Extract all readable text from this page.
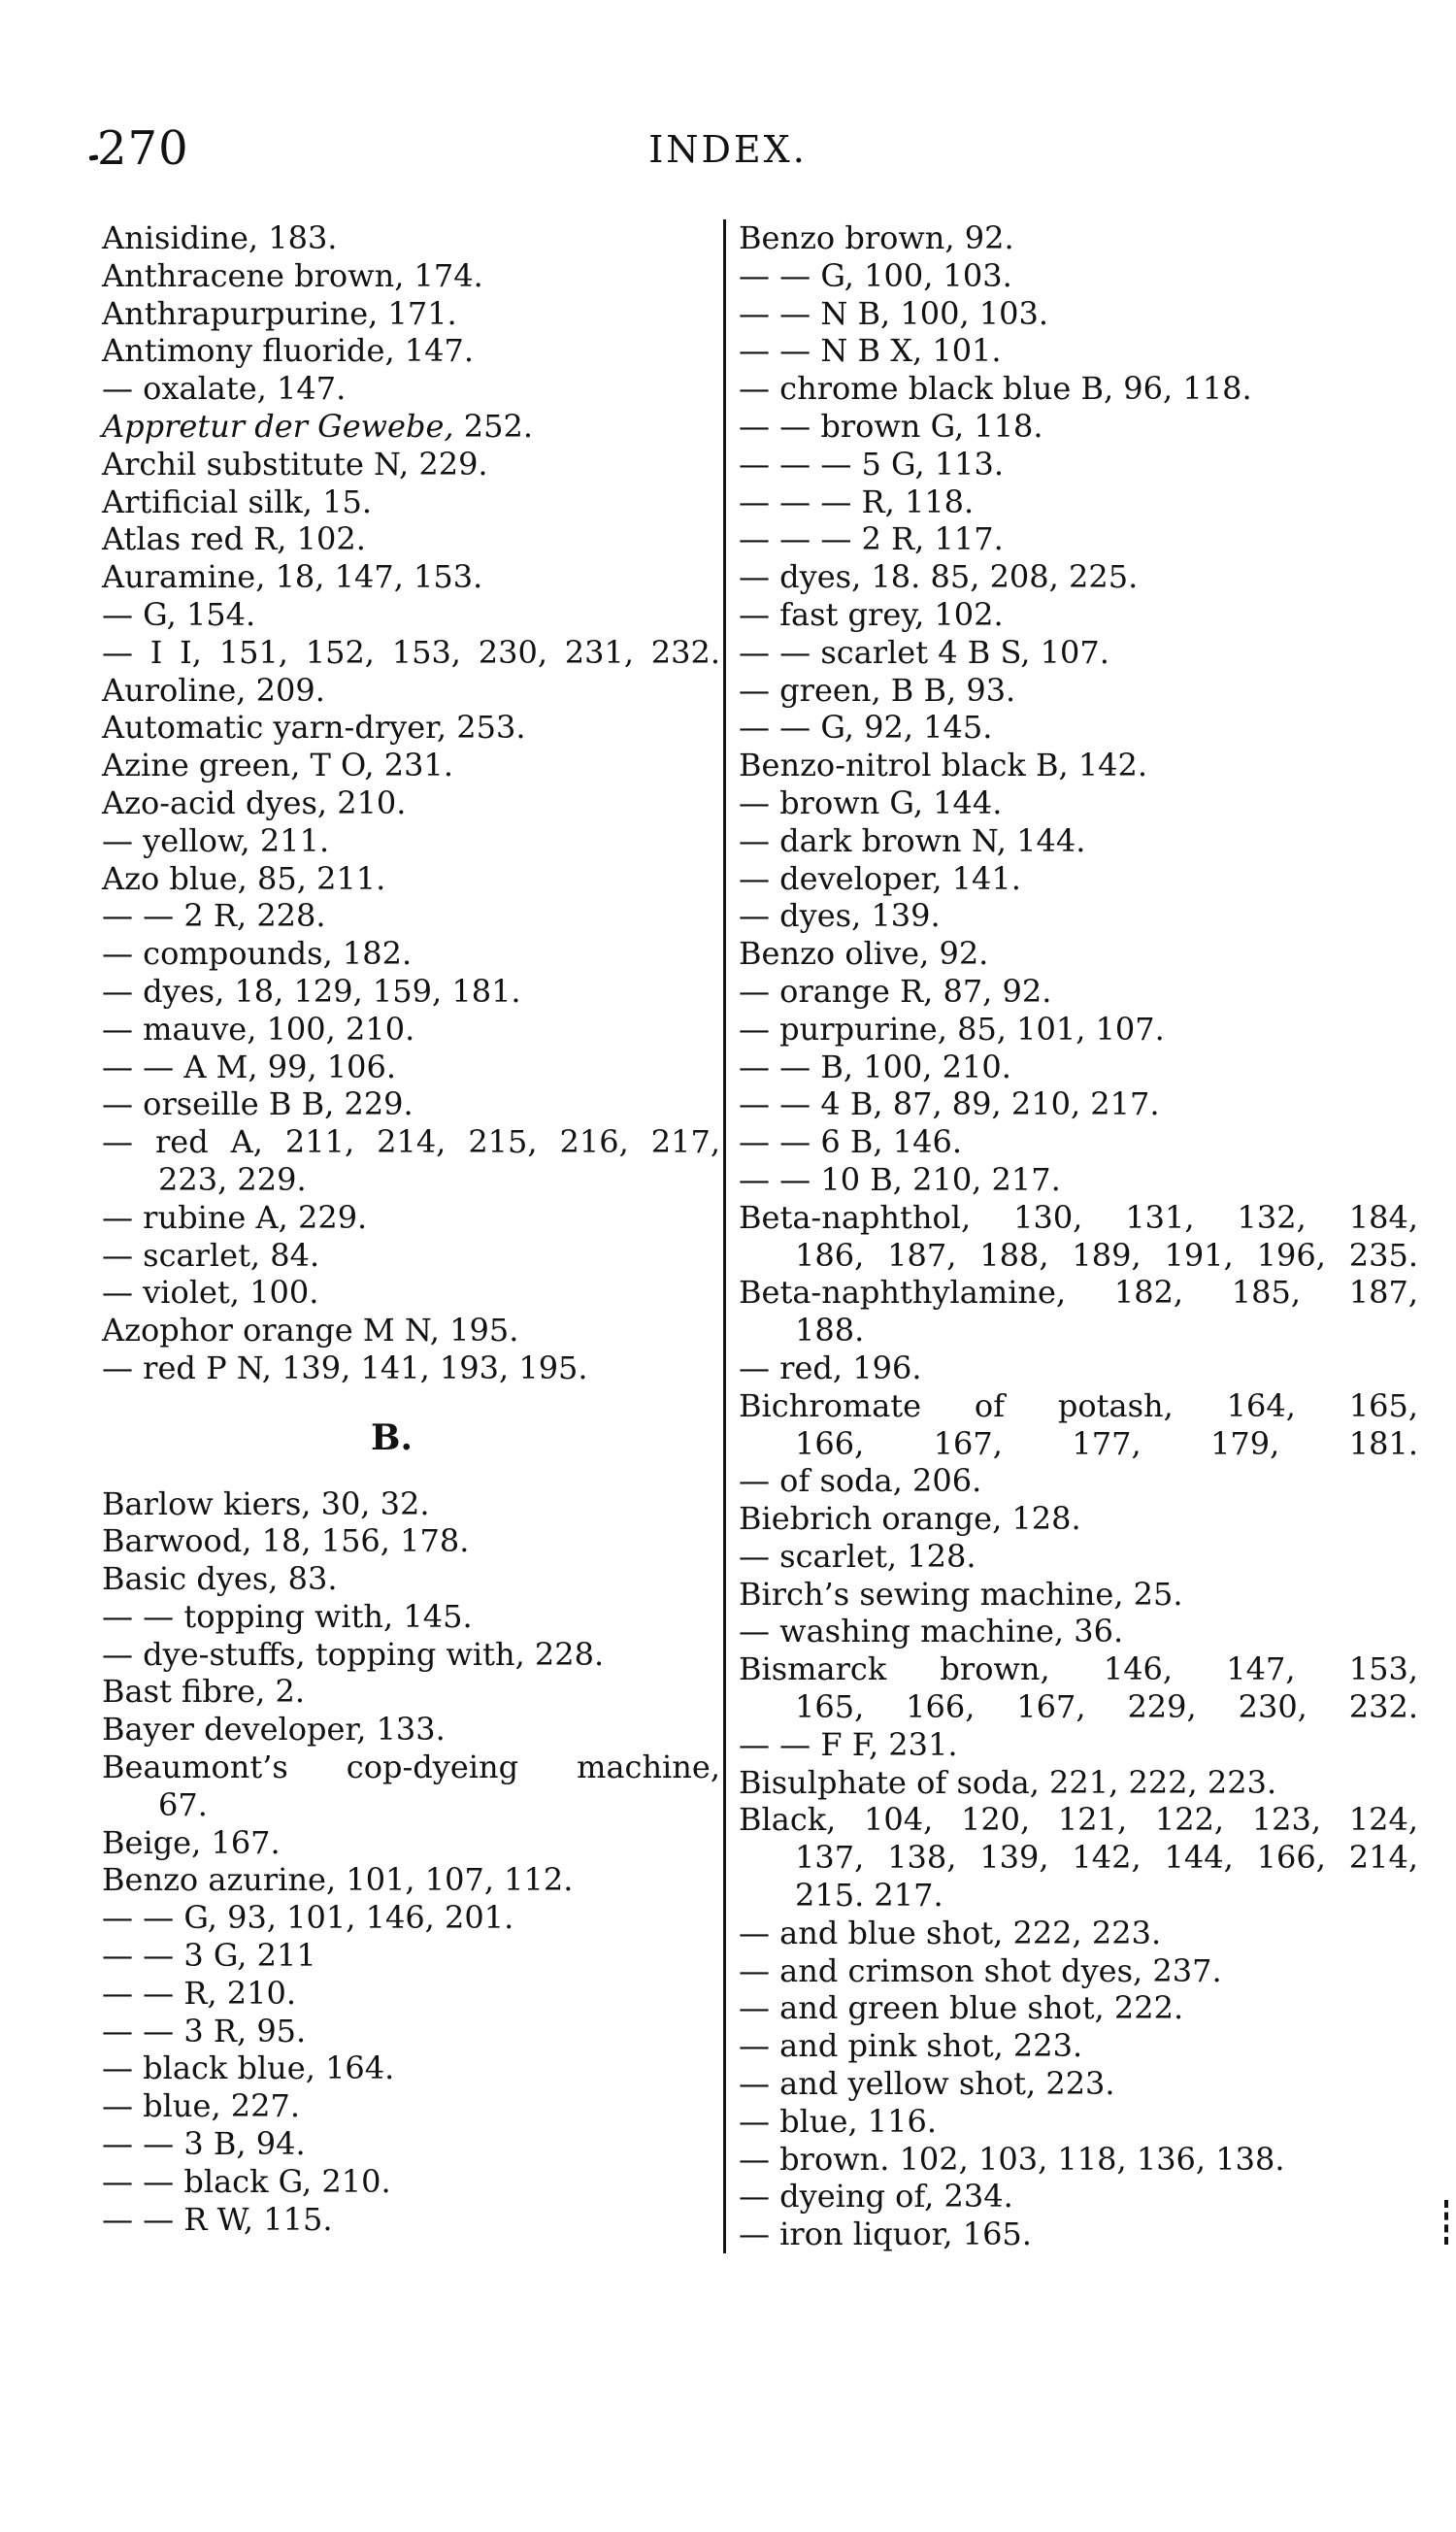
270	INDEX.
Anisidine, 183.
Anthracene brown, 174.
Anthrapurpurine, 171.
Antimony fluoride, 147.
— oxalate, 147.
Appretur der Gewebe, 252.
Archil substitute N, 229.
Artificial silk, 15.
Atlas red R, 102.
Auramine, 18, 147, 153.
— G, 154.
— I I, 151, 152, 153, 230, 231, 232.
Auroline, 209.
Automatic yarn-dryer, 253.
Azine green, T O, 231.
Azo-acid dyes, 210.
— yellow, 211.
Azo blue, 85, 211.
— — 2 R, 228.
— compounds, 182.
— dyes, 18, 129, 159, 181.
— mauve, 100, 210.
— — A M, 99, 106.
— orseille B B, 229.
— red A, 211, 214, 215, 216, 217,
223, 229.
— rubine A, 229.
— scarlet, 84.
— violet, 100.
Azophor orange M N, 195.
— red P N, 139, 141, 193, 195.
B.
Barlow kiers, 30, 32.
Barwood, 18, 156, 178.
Basic dyes, 83.
— — topping with, 145.
— dye-stuffs, topping with, 228.
Bast fibre, 2.
Bayer developer, 133.
Beaumont’s cop-dyeing machine,
67.
Beige, 167.
Benzo azurine, 101, 107, 112.
— — G, 93, 101, 146, 201.
— — 3 G, 211
— — R, 210.
— — 3 R, 95.
— black blue, 164.
— blue, 227.
— — 3 B, 94.
— — black G, 210.
— — R W, 115.
Benzo brown, 92.
— — G, 100, 103.
— — N B, 100, 103.
— — N B X, 101.
— chrome black blue B, 96, 118.
— — brown G, 118.
— — — 5 G, 113.
— — — R, 118.
— — — 2 R, 117.
— dyes, 18. 85, 208, 225.
— fast grey, 102.
— — scarlet 4 B S, 107.
— green, B B, 93.
— — G, 92, 145.
Benzo-nitrol black B, 142.
— brown G, 144.
— dark brown N, 144.
— developer, 141.
— dyes, 139.
Benzo olive, 92.
— orange R, 87, 92.
— purpurine, 85, 101, 107.
— — B, 100, 210.
— — 4 B, 87, 89, 210, 217.
— — 6 B, 146.
— — 10 B, 210, 217.
Beta-naphthol, 130, 131, 132, 184,
186, 187, 188, 189, 191, 196, 235.
Beta-naphthylamine, 182, 185, 187,
188.
— red, 196.
Bichromate of potash, 164, 165,
166, 167, 177, 179, 181.
— of soda, 206.
Biebrich orange, 128.
— scarlet, 128.
Birch’s sewing machine, 25.
— washing machine, 36.
Bismarck brown, 146, 147, 153,
165, 166, 167, 229, 230, 232.
— — F F, 231.
Bisulphate of soda, 221, 222, 223.
Black, 104, 120, 121, 122, 123, 124,
137, 138, 139, 142, 144, 166, 214,
215. 217.
— and blue shot, 222, 223.
— and crimson shot dyes, 237.
— and green blue shot, 222.
— and pink shot, 223.
— and yellow shot, 223.
— blue, 116.
— brown. 102, 103, 118, 136, 138.
— dyeing of, 234.
— iron liquor, 165.
